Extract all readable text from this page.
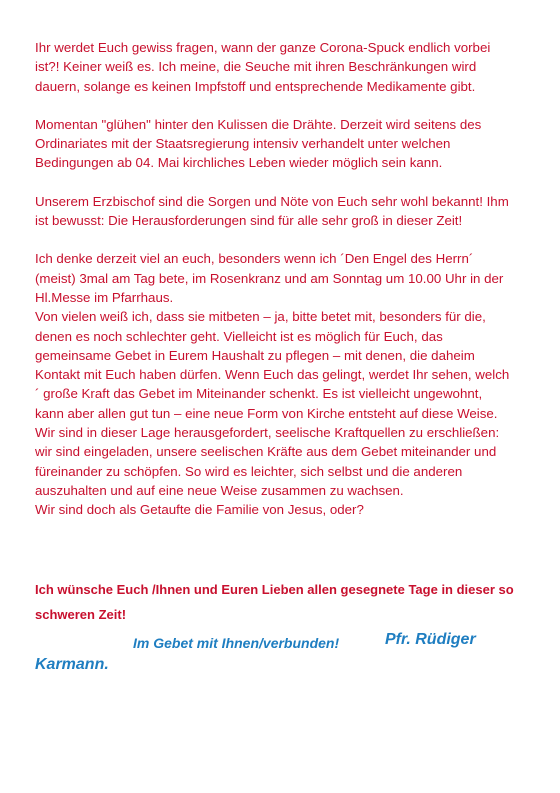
Ihr werdet Euch gewiss fragen, wann der ganze Corona-Spuck endlich vorbei
ist?! Keiner weiß es. Ich meine, die Seuche mit ihren Beschränkungen wird
dauern, solange es keinen Impfstoff und entsprechende Medikamente gibt.

Momentan "glühen" hinter den Kulissen die Drähte. Derzeit wird seitens des
Ordinariates mit der Staatsregierung intensiv verhandelt unter welchen
Bedingungen ab 04. Mai kirchliches Leben wieder möglich sein kann.

Unserem Erzbischof sind die Sorgen und Nöte von Euch sehr wohl bekannt! Ihm
ist bewusst: Die Herausforderungen sind für alle sehr groß in dieser Zeit!

Ich denke derzeit viel an euch, besonders wenn ich ´Den Engel des Herrn´
(meist) 3mal am Tag bete, im Rosenkranz und am Sonntag um 10.00 Uhr in der
Hl.Messe im Pfarrhaus.
Von vielen weiß ich, dass sie mitbeten – ja, bitte betet mit, besonders für die,
denen es noch schlechter geht. Vielleicht ist es möglich für Euch, das
gemeinsame Gebet in Eurem Haushalt zu pflegen – mit denen, die daheim
Kontakt mit Euch haben dürfen. Wenn Euch das gelingt, werdet Ihr sehen, welch
´ große Kraft das Gebet im Miteinander schenkt. Es ist vielleicht ungewohnt,
kann aber allen gut tun – eine neue Form von Kirche entsteht auf diese Weise.
Wir sind in dieser Lage herausgefordert, seelische Kraftquellen zu erschließen:
wir sind eingeladen, unsere seelischen Kräfte aus dem Gebet miteinander und
füreinander zu schöpfen. So wird es leichter, sich selbst und die anderen
auszuhalten und auf eine neue Weise zusammen zu wachsen.
Wir sind doch als Getaufte die Familie von Jesus, oder?

Ich wünsche Euch /Ihnen und Euren Lieben allen gesegnete Tage in dieser so
schweren Zeit!

Im Gebet mit Ihnen/verbunden!	Pfr. Rüdiger
Karmann.
